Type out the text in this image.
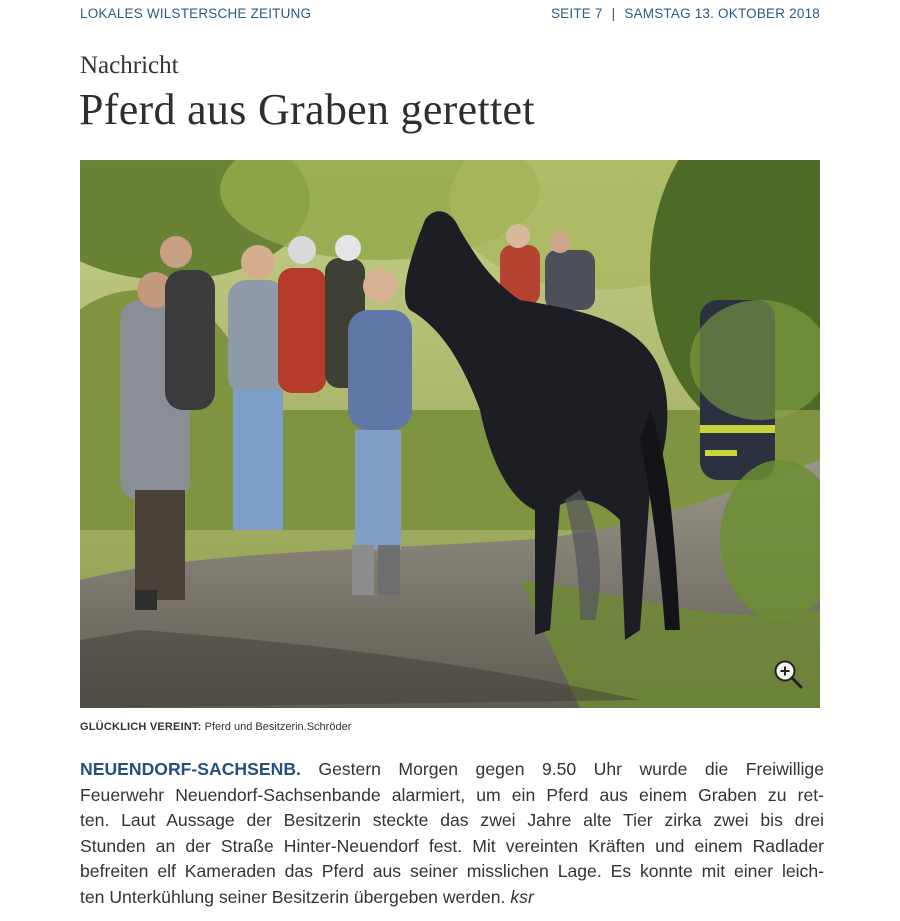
LOKALES WILSTERSCHE ZEITUNG	SEITE 7 | SAMSTAG 13. OKTOBER 2018
Nachricht
Pferd aus Graben gerettet
GLÜCKLICH VEREINT: Pferd und Besitzerin.Schröder
NEUENDORF-SACHSENB. Gestern Morgen gegen 9.50 Uhr wurde die Freiwillige
Feuerwehr Neuendorf-Sachsenbande alarmiert, um ein Pferd aus einem Graben zu ret-
ten. Laut Aussage der Besitzerin steckte das zwei Jahre alte Tier zirka zwei bis drei
Stunden an der Straße Hinter-Neuendorf fest. Mit vereinten Kräften und einem Radlader
befreiten elf Kameraden das Pferd aus seiner misslichen Lage. Es konnte mit einer leich-
ten Unterkühlung seiner Besitzerin übergeben werden. ksr
